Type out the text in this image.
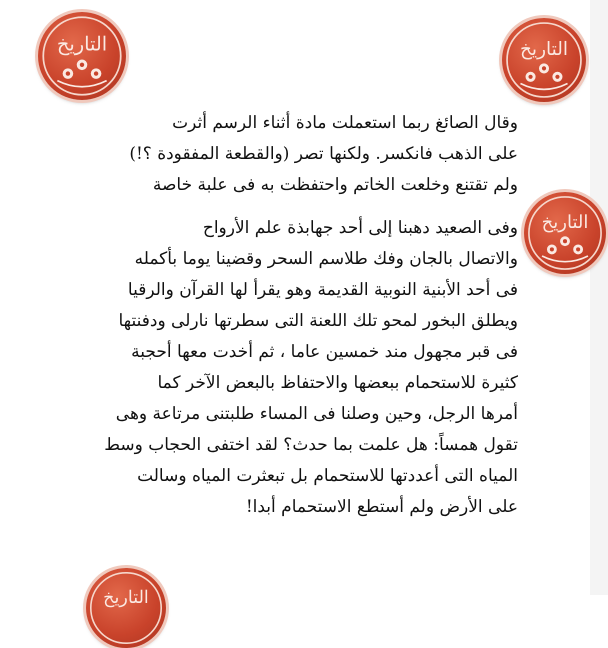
التاريخ	التاريخ
التاريخ
التاريخ
وقال الصائغ ربما استعملت مادة أثناء الرسم أثرت
على الذهب فانكسر. ولكنها تصر (والقطعة المفقودة ؟!)
ولم تقتنع وخلعت الخاتم واحتفظت به فى علبة خاصة
وفى الصعيد دهبنا إلى أحد جهابذة علم الأرواح
والاتصال بالجان وفك طلاسم السحر وقضينا يوما بأكمله
فى أحد الأبنية النوبية القديمة وهو يقرأ لها القرآن والرقيا
ويطلق البخور لمحو تلك اللعنة التى سطرتها نارلى ودفنتها
فى قبر مجهول مند خمسين عاما ، ثم أخدت معها أحجبة
كثيرة للاستحمام ببعضها والاحتفاظ بالبعض الآخر كما
أمرها الرجل، وحين وصلنا فى المساء طلبتنى مرتاعة وهى
تقول همساً: هل علمت بما حدث؟ لقد اختفى الحجاب وسط
المياه التى أعددتها للاستحمام بل تبعثرت المياه وسالت
على الأرض ولم أستطع الاستحمام أبدا!
